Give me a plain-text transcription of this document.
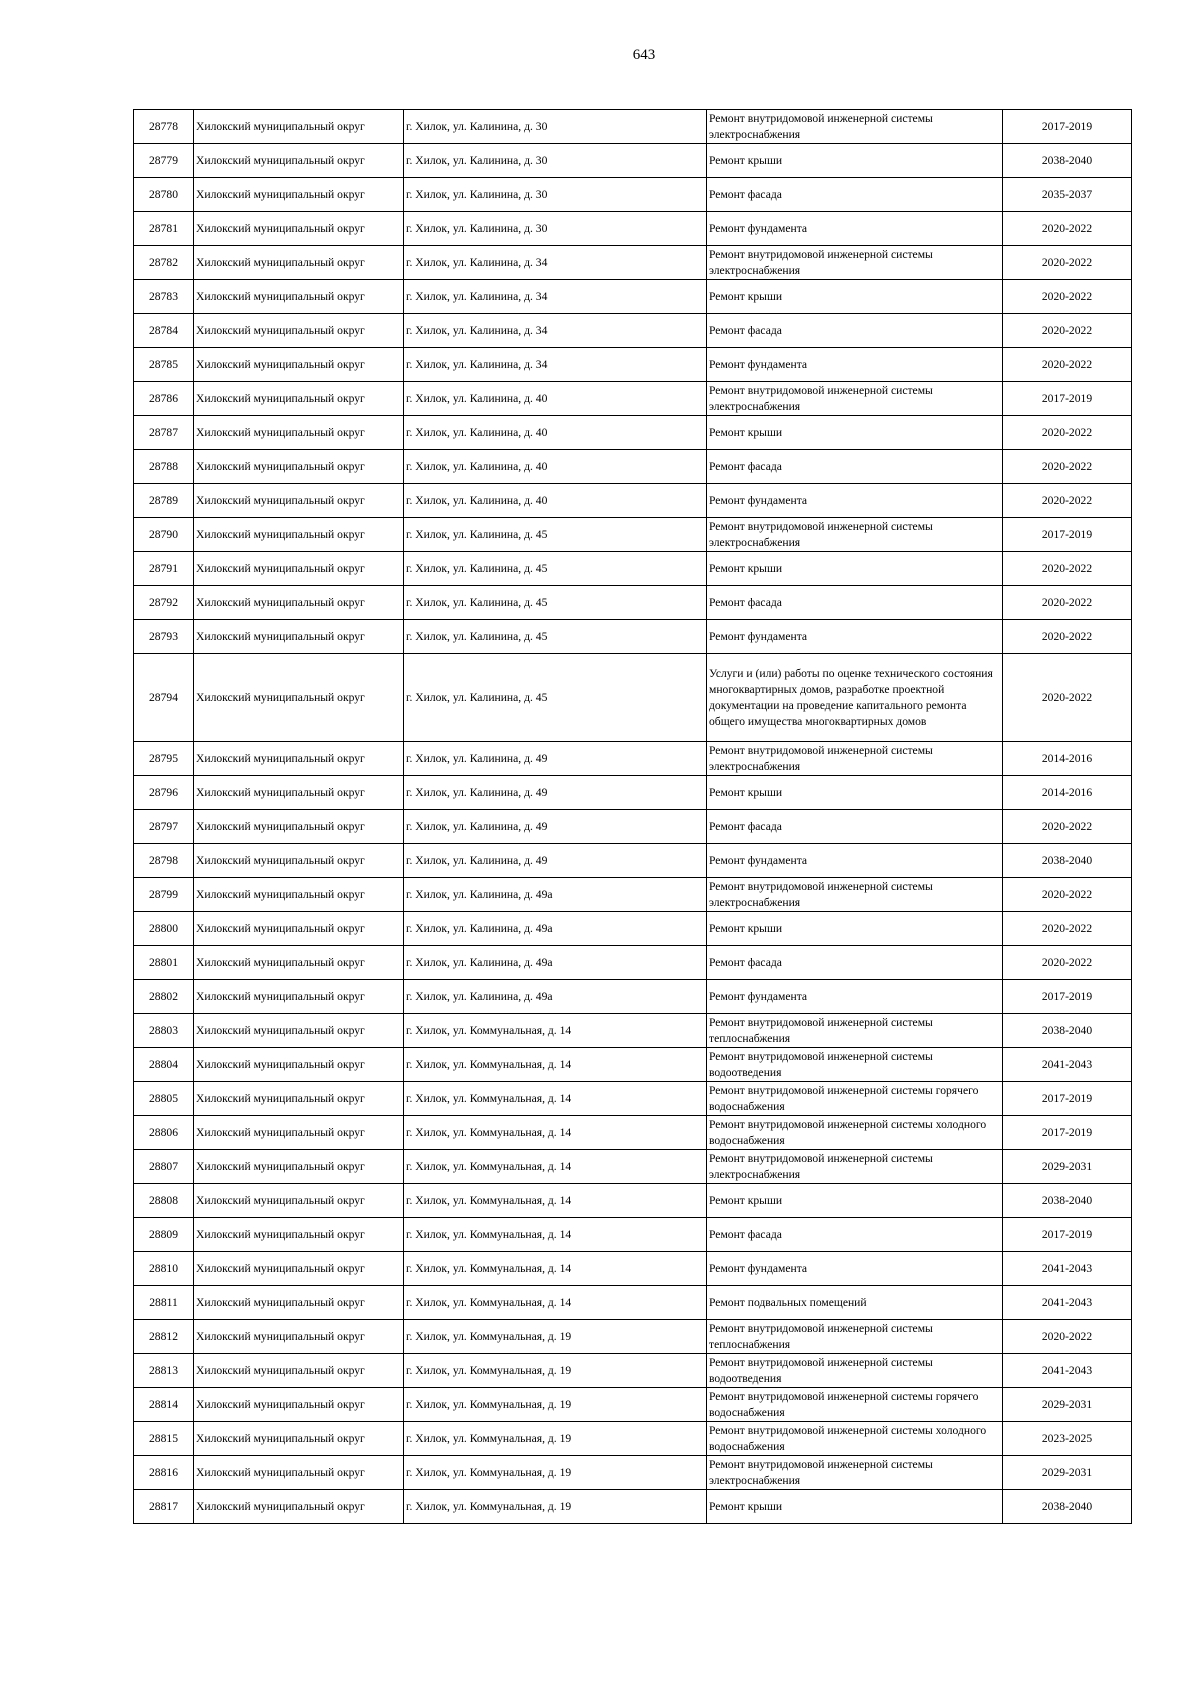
643
28778	Хилокский муниципальный округ	г. Хилок, ул. Калинина, д. 30	Ремонт внутридомовой инженерной системы электроснабжения	2017-2019
28779	Хилокский муниципальный округ	г. Хилок, ул. Калинина, д. 30	Ремонт крыши	2038-2040
28780	Хилокский муниципальный округ	г. Хилок, ул. Калинина, д. 30	Ремонт фасада	2035-2037
28781	Хилокский муниципальный округ	г. Хилок, ул. Калинина, д. 30	Ремонт фундамента	2020-2022
28782	Хилокский муниципальный округ	г. Хилок, ул. Калинина, д. 34	Ремонт внутридомовой инженерной системы электроснабжения	2020-2022
28783	Хилокский муниципальный округ	г. Хилок, ул. Калинина, д. 34	Ремонт крыши	2020-2022
28784	Хилокский муниципальный округ	г. Хилок, ул. Калинина, д. 34	Ремонт фасада	2020-2022
28785	Хилокский муниципальный округ	г. Хилок, ул. Калинина, д. 34	Ремонт фундамента	2020-2022
28786	Хилокский муниципальный округ	г. Хилок, ул. Калинина, д. 40	Ремонт внутридомовой инженерной системы электроснабжения	2017-2019
28787	Хилокский муниципальный округ	г. Хилок, ул. Калинина, д. 40	Ремонт крыши	2020-2022
28788	Хилокский муниципальный округ	г. Хилок, ул. Калинина, д. 40	Ремонт фасада	2020-2022
28789	Хилокский муниципальный округ	г. Хилок, ул. Калинина, д. 40	Ремонт фундамента	2020-2022
28790	Хилокский муниципальный округ	г. Хилок, ул. Калинина, д. 45	Ремонт внутридомовой инженерной системы электроснабжения	2017-2019
28791	Хилокский муниципальный округ	г. Хилок, ул. Калинина, д. 45	Ремонт крыши	2020-2022
28792	Хилокский муниципальный округ	г. Хилок, ул. Калинина, д. 45	Ремонт фасада	2020-2022
28793	Хилокский муниципальный округ	г. Хилок, ул. Калинина, д. 45	Ремонт фундамента	2020-2022
28794	Хилокский муниципальный округ	г. Хилок, ул. Калинина, д. 45	Услуги и (или) работы по оценке технического состояния многоквартирных домов, разработке проектной документации на проведение капитального ремонта общего имущества многоквартирных домов	2020-2022
28795	Хилокский муниципальный округ	г. Хилок, ул. Калинина, д. 49	Ремонт внутридомовой инженерной системы электроснабжения	2014-2016
28796	Хилокский муниципальный округ	г. Хилок, ул. Калинина, д. 49	Ремонт крыши	2014-2016
28797	Хилокский муниципальный округ	г. Хилок, ул. Калинина, д. 49	Ремонт фасада	2020-2022
28798	Хилокский муниципальный округ	г. Хилок, ул. Калинина, д. 49	Ремонт фундамента	2038-2040
28799	Хилокский муниципальный округ	г. Хилок, ул. Калинина, д. 49а	Ремонт внутридомовой инженерной системы электроснабжения	2020-2022
28800	Хилокский муниципальный округ	г. Хилок, ул. Калинина, д. 49а	Ремонт крыши	2020-2022
28801	Хилокский муниципальный округ	г. Хилок, ул. Калинина, д. 49а	Ремонт фасада	2020-2022
28802	Хилокский муниципальный округ	г. Хилок, ул. Калинина, д. 49а	Ремонт фундамента	2017-2019
28803	Хилокский муниципальный округ	г. Хилок, ул. Коммунальная, д. 14	Ремонт внутридомовой инженерной системы теплоснабжения	2038-2040
28804	Хилокский муниципальный округ	г. Хилок, ул. Коммунальная, д. 14	Ремонт внутридомовой инженерной системы водоотведения	2041-2043
28805	Хилокский муниципальный округ	г. Хилок, ул. Коммунальная, д. 14	Ремонт внутридомовой инженерной системы горячего водоснабжения	2017-2019
28806	Хилокский муниципальный округ	г. Хилок, ул. Коммунальная, д. 14	Ремонт внутридомовой инженерной системы холодного водоснабжения	2017-2019
28807	Хилокский муниципальный округ	г. Хилок, ул. Коммунальная, д. 14	Ремонт внутридомовой инженерной системы электроснабжения	2029-2031
28808	Хилокский муниципальный округ	г. Хилок, ул. Коммунальная, д. 14	Ремонт крыши	2038-2040
28809	Хилокский муниципальный округ	г. Хилок, ул. Коммунальная, д. 14	Ремонт фасада	2017-2019
28810	Хилокский муниципальный округ	г. Хилок, ул. Коммунальная, д. 14	Ремонт фундамента	2041-2043
28811	Хилокский муниципальный округ	г. Хилок, ул. Коммунальная, д. 14	Ремонт подвальных помещений	2041-2043
28812	Хилокский муниципальный округ	г. Хилок, ул. Коммунальная, д. 19	Ремонт внутридомовой инженерной системы теплоснабжения	2020-2022
28813	Хилокский муниципальный округ	г. Хилок, ул. Коммунальная, д. 19	Ремонт внутридомовой инженерной системы водоотведения	2041-2043
28814	Хилокский муниципальный округ	г. Хилок, ул. Коммунальная, д. 19	Ремонт внутридомовой инженерной системы горячего водоснабжения	2029-2031
28815	Хилокский муниципальный округ	г. Хилок, ул. Коммунальная, д. 19	Ремонт внутридомовой инженерной системы холодного водоснабжения	2023-2025
28816	Хилокский муниципальный округ	г. Хилок, ул. Коммунальная, д. 19	Ремонт внутридомовой инженерной системы электроснабжения	2029-2031
28817	Хилокский муниципальный округ	г. Хилок, ул. Коммунальная, д. 19	Ремонт крыши	2038-2040
